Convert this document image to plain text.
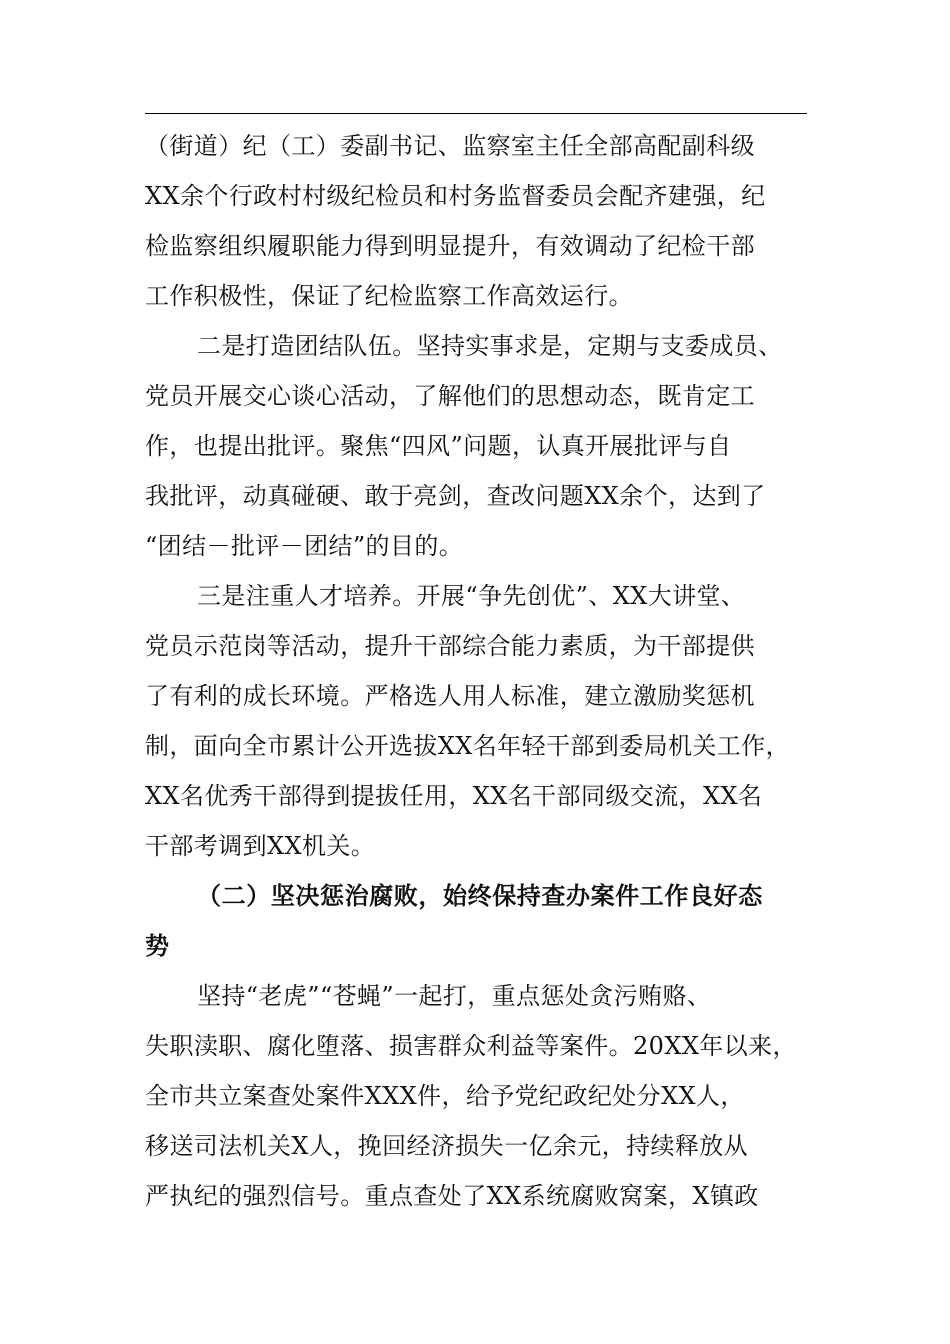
（街道）纪（工）委副书记、监察室主任全部高配副科级
XX余个行政村村级纪检员和村务监督委员会配齐建强，纪
检监察组织履职能力得到明显提升，有效调动了纪检干部
工作积极性，保证了纪检监察工作高效运行。
二是打造团结队伍。坚持实事求是，定期与支委成员、
党员开展交心谈心活动，了解他们的思想动态，既肯定工
作，也提出批评。聚焦“四风”问题，认真开展批评与自
我批评，动真碰硬、敢于亮剑，查改问题XX余个，达到了
“团结－批评－团结”的目的。
三是注重人才培养。开展“争先创优”、XX大讲堂、
党员示范岗等活动，提升干部综合能力素质，为干部提供
了有利的成长环境。严格选人用人标准，建立激励奖惩机
制，面向全市累计公开选拔XX名年轻干部到委局机关工作，
XX名优秀干部得到提拔任用，XX名干部同级交流，XX名
干部考调到XX机关。
（二）坚决惩治腐败，始终保持查办案件工作良好态
势
坚持“老虎”“苍蝇”一起打，重点惩处贪污贿赂、
失职渎职、腐化堕落、损害群众利益等案件。20XX年以来，
全市共立案查处案件XXX件，给予党纪政纪处分XX人，
移送司法机关X人，挽回经济损失一亿余元，持续释放从
严执纪的强烈信号。重点查处了XX系统腐败窝案，X镇政
